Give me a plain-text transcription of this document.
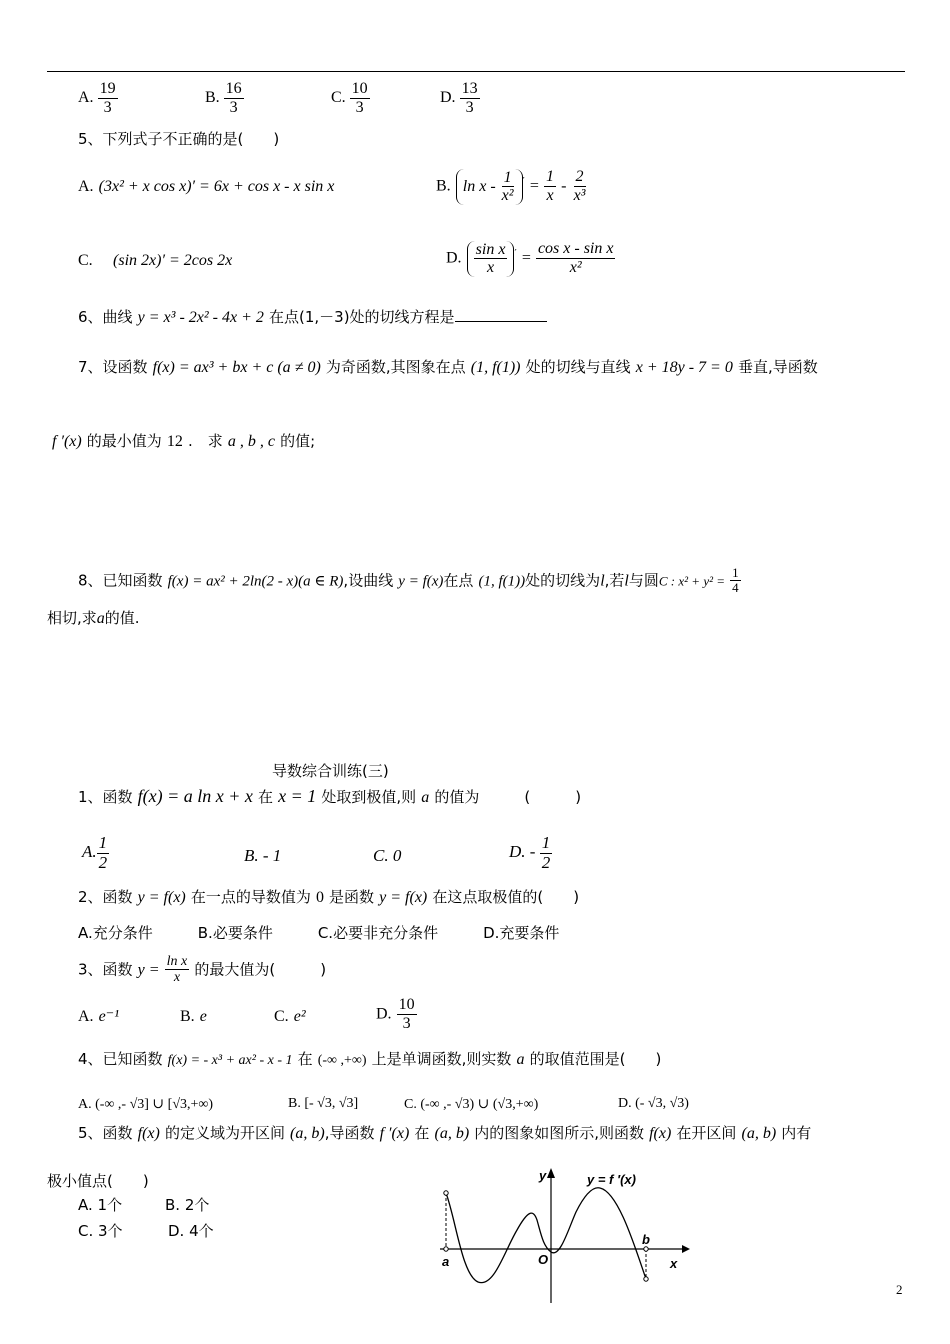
A. $\frac{19}{3}$	B. $\frac{16}{3}$	C. $\frac{10}{3}$	D. $\frac{13}{3}$
5、下列式子不正确的是(　　)
A. (3x² + x cos x)′ = 6x + cos x - x sin x	B. $\ln x - \frac{1}{\text{x²}} ' = \frac{1}{x} - \frac{2}{\text{x³}}$
C. (sin 2x)′ = 2cos 2x	D. $\frac{\text{sin x}}{x} ' = \frac{\text{cos x - sin x}}{\text{x²}}$
6、曲线 y = x³ - 2x² - 4x + 2 在点(1,－3)处的切线方程是
7、设函数 f(x) = ax³ + bx + c (a ≠ 0) 为奇函数,其图象在点 (1, f(1)) 处的切线与直线 x + 18y - 7 = 0 垂直,导函数
f ′(x) 的最小值为 12 .　求 a , b , c 的值;
8、已知函数 f(x) = ax² + 2ln(2 - x)(a ∈ R),设曲线 y = f(x)在点 (1, f(1))处的切线为l,若l与圆C : $x^2 + y^2 = \frac{1}{4}$
相切,求a的值.
导数综合训练(三)
1、函数 f(x) = a ln x + x 在 x = 1 处取到极值,则 a 的值为	(　　　)
A. $\frac{1}{2}$	B. - 1	C. 0	D. - $\frac{1}{2}$
2、函数 y = f(x) 在一点的导数值为 0 是函数 y = f(x) 在这点取极值的(　　)
A.充分条件　　　B.必要条件　　　C.必要非充分条件　　　D.充要条件
3、函数 $y = \frac{\text{ln x}}{x}$ 的最大值为(　　　)
A. e⁻¹	B. e	C. e²	D. $\frac{10}{3}$
4、已知函数 f(x) = - x³ + ax² - x - 1 在 (-∞ ,+∞) 上是单调函数,则实数 a 的取值范围是(　　)
A. (-∞ ,- √3] ∪ [√3,+∞)	B. [- √3, √3]	C. (-∞ ,- √3) ∪ (√3,+∞)	D. (- √3, √3)
5、函数 f(x) 的定义域为开区间 (a, b),导函数 f ′(x) 在 (a, b) 内的图象如图所示,则函数 f(x) 在开区间 (a, b) 内有
极小值点(　　)
A. 1个	B. 2个
C. 3个	D. 4个
y
x
O
a
b
y = f ′(x)
2
